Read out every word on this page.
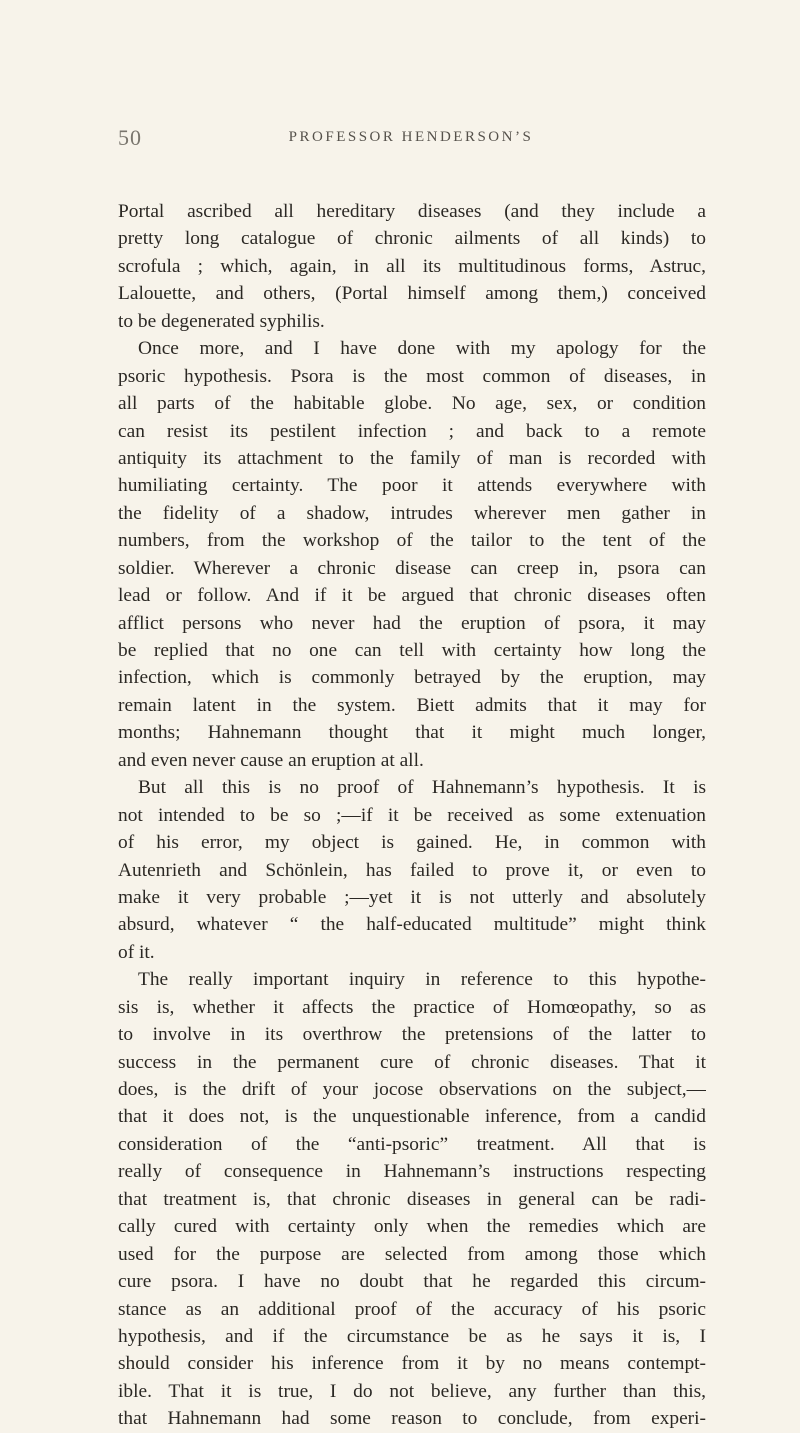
50	PROFESSOR HENDERSON’S
Portal ascribed all hereditary diseases (and they include a
pretty long catalogue of chronic ailments of all kinds) to
scrofula ; which, again, in all its multitudinous forms, Astruc,
Lalouette, and others, (Portal himself among them,) conceived
to be degenerated syphilis.
Once more, and I have done with my apology for the
psoric hypothesis. Psora is the most common of diseases, in
all parts of the habitable globe. No age, sex, or condition
can resist its pestilent infection ; and back to a remote
antiquity its attachment to the family of man is recorded with
humiliating certainty. The poor it attends everywhere with
the fidelity of a shadow, intrudes wherever men gather in
numbers, from the workshop of the tailor to the tent of the
soldier. Wherever a chronic disease can creep in, psora can
lead or follow. And if it be argued that chronic diseases often
afflict persons who never had the eruption of psora, it may
be replied that no one can tell with certainty how long the
infection, which is commonly betrayed by the eruption, may
remain latent in the system. Biett admits that it may for
months; Hahnemann thought that it might much longer,
and even never cause an eruption at all.
But all this is no proof of Hahnemann’s hypothesis. It is
not intended to be so ;—if it be received as some extenuation
of his error, my object is gained. He, in common with
Autenrieth and Schönlein, has failed to prove it, or even to
make it very probable ;—yet it is not utterly and absolutely
absurd, whatever “ the half-educated multitude” might think
of it.
The really important inquiry in reference to this hypothe-
sis is, whether it affects the practice of Homœopathy, so as
to involve in its overthrow the pretensions of the latter to
success in the permanent cure of chronic diseases. That it
does, is the drift of your jocose observations on the subject,—
that it does not, is the unquestionable inference, from a candid
consideration of the “anti-psoric” treatment. All that is
really of consequence in Hahnemann’s instructions respecting
that treatment is, that chronic diseases in general can be radi-
cally cured with certainty only when the remedies which are
used for the purpose are selected from among those which
cure psora. I have no doubt that he regarded this circum-
stance as an additional proof of the accuracy of his psoric
hypothesis, and if the circumstance be as he says it is, I
should consider his inference from it by no means contempt-
ible. That it is true, I do not believe, any further than this,
that Hahnemann had some reason to conclude, from experi-
